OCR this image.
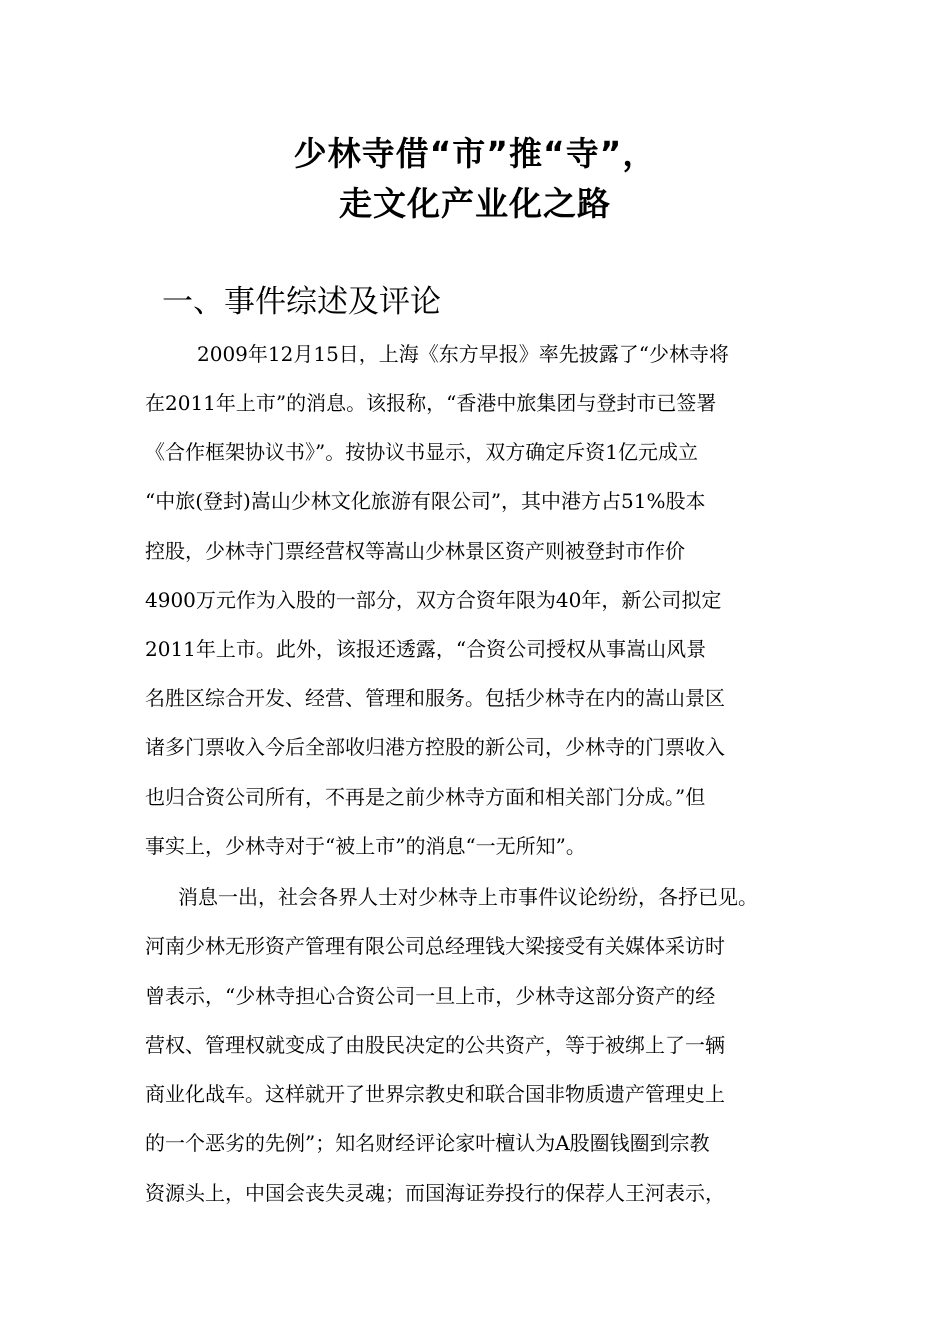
少林寺借“市”推“寺”，
走文化产业化之路
一、事件综述及评论
2009年12月15日，上海《东方早报》率先披露了“少林寺将
在2011年上市”的消息。该报称，“香港中旅集团与登封市已签署
《合作框架协议书》”。按协议书显示，双方确定斥资1亿元成立
“中旅(登封)嵩山少林文化旅游有限公司”，其中港方占51%股本
控股，少林寺门票经营权等嵩山少林景区资产则被登封市作价
4900万元作为入股的一部分，双方合资年限为40年，新公司拟定
2011年上市。此外，该报还透露，“合资公司授权从事嵩山风景
名胜区综合开发、经营、管理和服务。包括少林寺在内的嵩山景区
诸多门票收入今后全部收归港方控股的新公司，少林寺的门票收入
也归合资公司所有，不再是之前少林寺方面和相关部门分成。”但
事实上，少林寺对于“被上市”的消息“一无所知”。
消息一出，社会各界人士对少林寺上市事件议论纷纷，各抒已见。
河南少林无形资产管理有限公司总经理钱大梁接受有关媒体采访时
曾表示，“少林寺担心合资公司一旦上市，少林寺这部分资产的经
营权、管理权就变成了由股民决定的公共资产，等于被绑上了一辆
商业化战车。这样就开了世界宗教史和联合国非物质遗产管理史上
的一个恶劣的先例”；知名财经评论家叶檀认为A股圈钱圈到宗教
资源头上，中国会丧失灵魂；而国海证券投行的保荐人王河表示，
